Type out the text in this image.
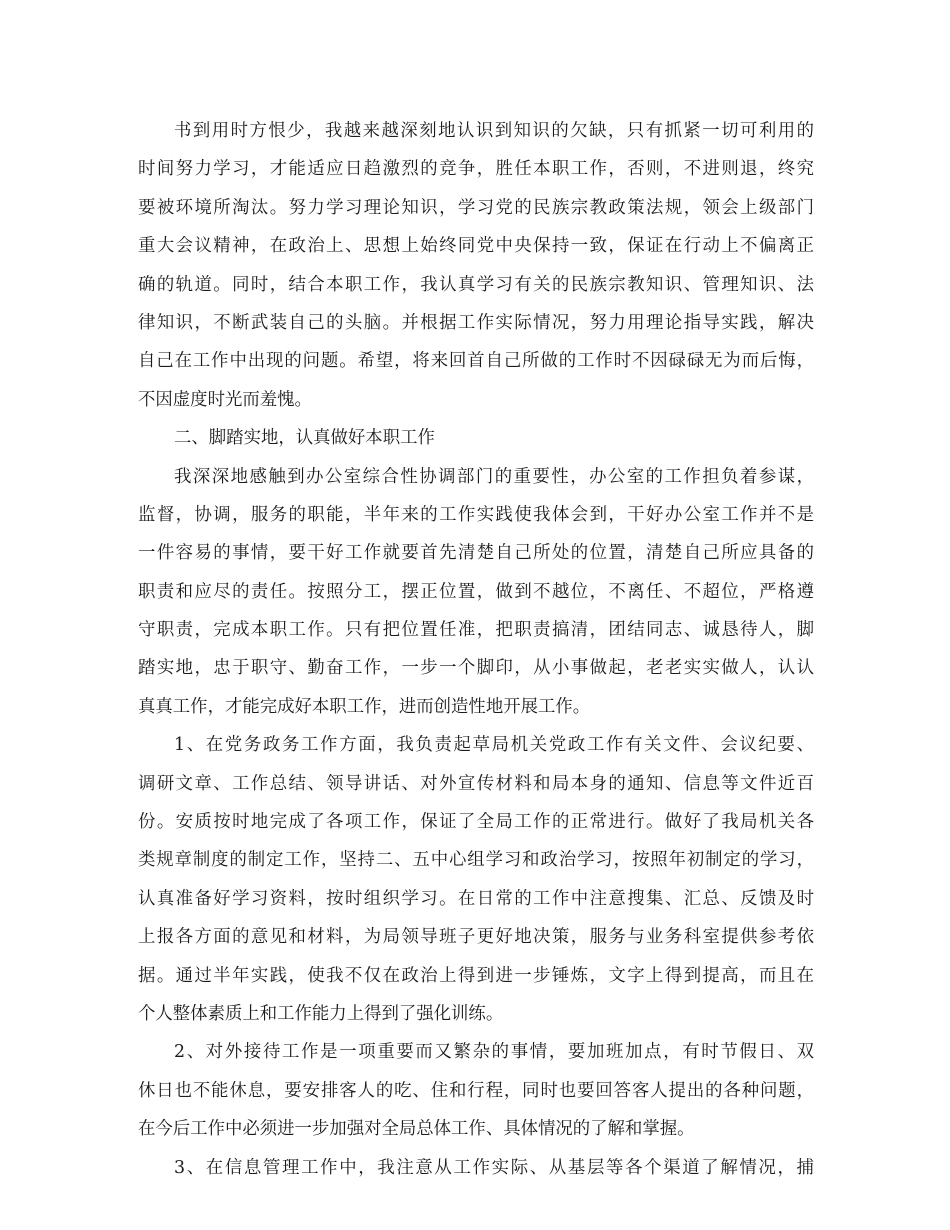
书到用时方恨少，我越来越深刻地认识到知识的欠缺，只有抓紧一切可利用的
时间努力学习，才能适应日趋激烈的竞争，胜任本职工作，否则，不进则退，终究
要被环境所淘汰。努力学习理论知识，学习党的民族宗教政策法规，领会上级部门
重大会议精神，在政治上、思想上始终同党中央保持一致，保证在行动上不偏离正
确的轨道。同时，结合本职工作，我认真学习有关的民族宗教知识、管理知识、法
律知识，不断武装自己的头脑。并根据工作实际情况，努力用理论指导实践，解决
自己在工作中出现的问题。希望，将来回首自己所做的工作时不因碌碌无为而后悔，
不因虚度时光而羞愧。
二、脚踏实地，认真做好本职工作
我深深地感触到办公室综合性协调部门的重要性，办公室的工作担负着参谋，
监督，协调，服务的职能，半年来的工作实践使我体会到，干好办公室工作并不是
一件容易的事情，要干好工作就要首先清楚自己所处的位置，清楚自己所应具备的
职责和应尽的责任。按照分工，摆正位置，做到不越位，不离任、不超位，严格遵
守职责，完成本职工作。只有把位置任准，把职责搞清，团结同志、诚恳待人，脚
踏实地，忠于职守、勤奋工作，一步一个脚印，从小事做起，老老实实做人，认认
真真工作，才能完成好本职工作，进而创造性地开展工作。
1、在党务政务工作方面，我负责起草局机关党政工作有关文件、会议纪要、
调研文章、工作总结、领导讲话、对外宣传材料和局本身的通知、信息等文件近百
份。安质按时地完成了各项工作，保证了全局工作的正常进行。做好了我局机关各
类规章制度的制定工作，坚持二、五中心组学习和政治学习，按照年初制定的学习，
认真准备好学习资料，按时组织学习。在日常的工作中注意搜集、汇总、反馈及时
上报各方面的意见和材料，为局领导班子更好地决策，服务与业务科室提供参考依
据。通过半年实践，使我不仅在政治上得到进一步锤炼，文字上得到提高，而且在
个人整体素质上和工作能力上得到了强化训练。
2、对外接待工作是一项重要而又繁杂的事情，要加班加点，有时节假日、双
休日也不能休息，要安排客人的吃、住和行程，同时也要回答客人提出的各种问题，
在今后工作中必须进一步加强对全局总体工作、具体情况的了解和掌握。
3、在信息管理工作中，我注意从工作实际、从基层等各个渠道了解情况，捕
